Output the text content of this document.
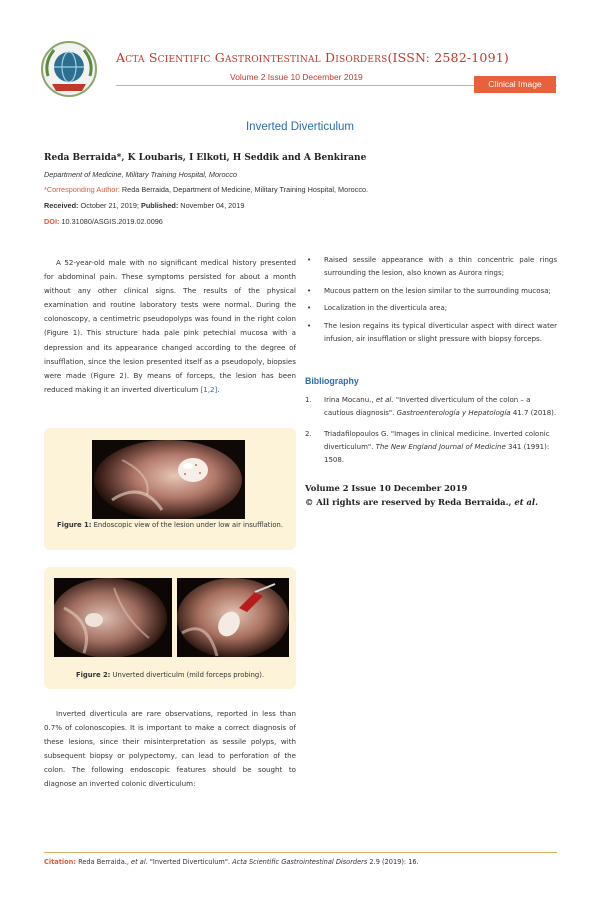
Acta Scientific Gastrointestinal Disorders(ISSN: 2582-1091)
Volume 2 Issue 10 December 2019
Clinical Image
Inverted Diverticulum
Reda Berraida*, K Loubaris, I Elkoti, H Seddik and A Benkirane
Department of Medicine, Military Training Hospital, Morocco
*Corresponding Author: Reda Berraida, Department of Medicine, Military Training Hospital, Morocco.
Received: October 21, 2019; Published: November 04, 2019
DOI: 10.31080/ASGIS.2019.02.0096

A 52-year-old male with no significant medical history presented for abdominal pain. These symptoms persisted for about a month without any other clinical signs. The results of the physical examination and routine laboratory tests were normal. During the colonoscopy, a centimetric pseudopolyps was found in the right colon (Figure 1). This structure hada pale pink petechial mucosa with a depression and its appearance changed according to the degree of insufflation, since the lesion presented itself as a pseudopoly, biopsies were made (Figure 2). By means of forceps, the lesion has been reduced making it an inverted diverticulum [1,2].

Figure 1: Endoscopic view of the lesion under low air insufflation.
Figure 2: Unverted diverticulm (mild forceps probing).

Inverted diverticula are rare observations, reported in less than 0.7% of colonoscopies. It is important to make a correct diagnosis of these lesions, since their misinterpretation as sessile polyps, with subsequent biopsy or polypectomy, can lead to perforation of the colon. The following endoscopic features should be sought to diagnose an inverted colonic diverticulum:

• Raised sessile appearance with a thin concentric pale rings surrounding the lesion, also known as Aurora rings;
• Mucous pattern on the lesion similar to the surrounding mucosa;
• Localization in the diverticula area;
• The lesion regains its typical diverticular aspect with direct water infusion, air insufflation or slight pressure with biopsy forceps.
Bibliography
1. Irina Mocanu., et al. "Inverted diverticulum of the colon – a cautious diagnosis". Gastroenterología y Hepatología 41.7 (2018).
2. Triadafilopoulos G. "Images in clinical medicine. Inverted colonic diverticulum". The New England Journal of Medicine 341 (1991): 1508.
Volume 2 Issue 10 December 2019
© All rights are reserved by Reda Berraida., et al.
Citation: Reda Berraida., et al. "Inverted Diverticulum". Acta Scientific Gastrointestinal Disorders 2.9 (2019): 16.
